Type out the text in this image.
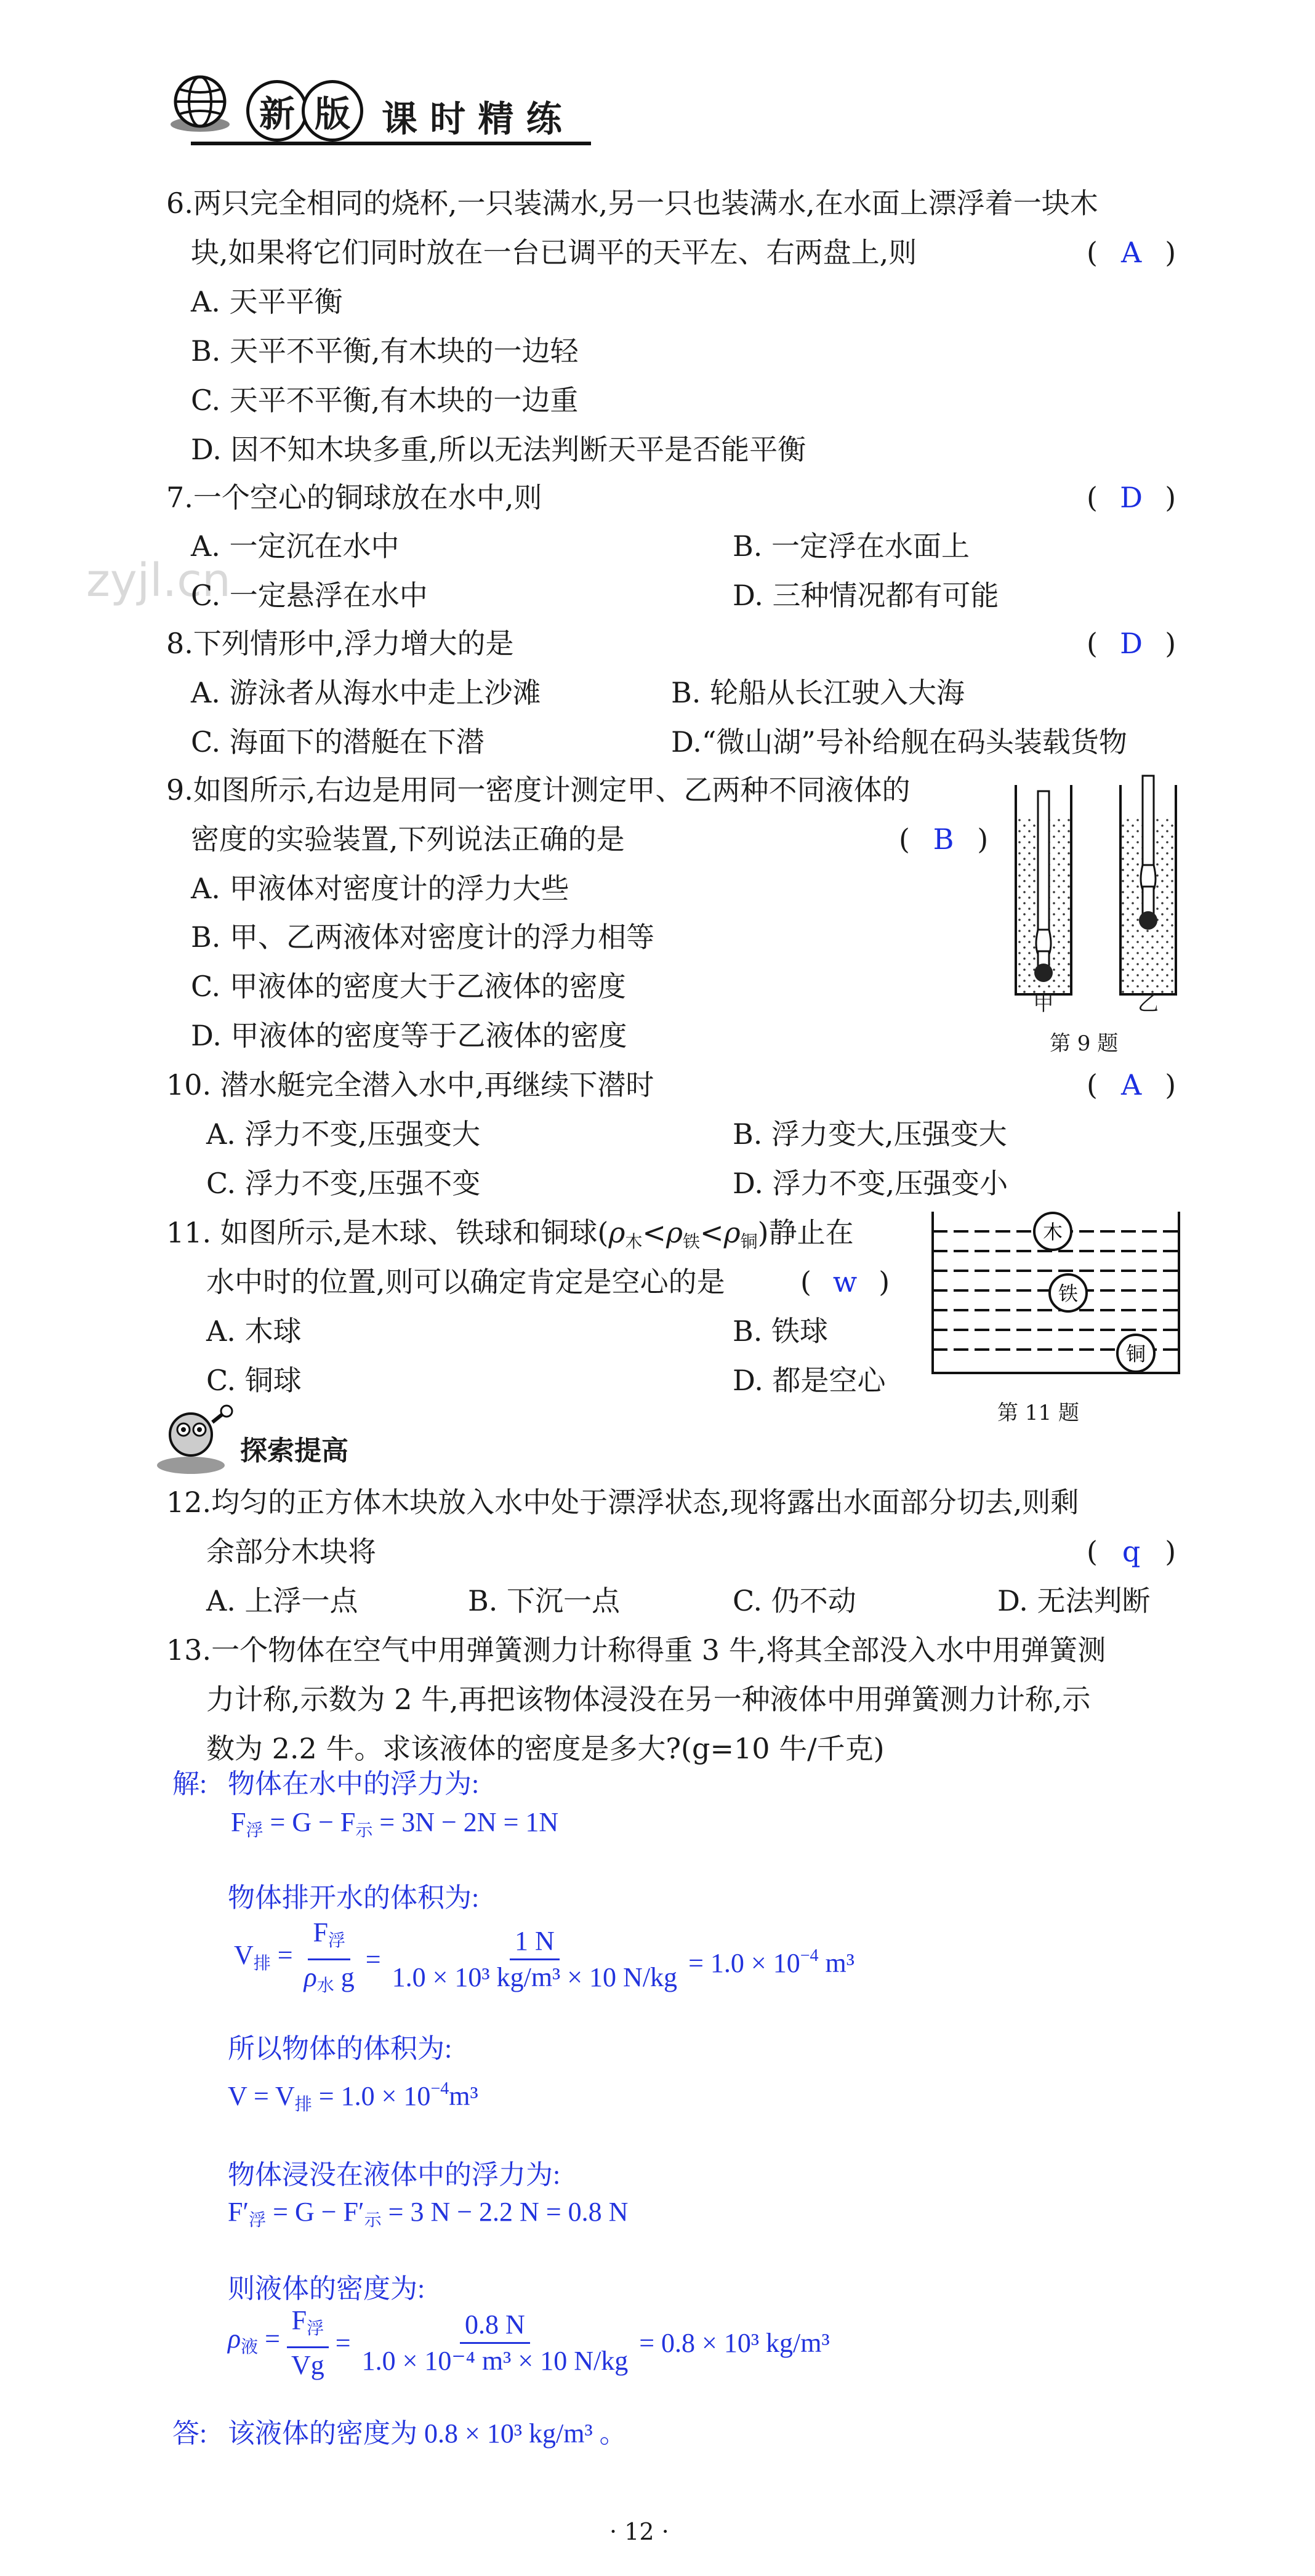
新 版 课 时 精 练
zyjl.cn
6.两只完全相同的烧杯,一只装满水,另一只也装满水,在水面上漂浮着一块木
块,如果将它们同时放在一台已调平的天平左、右两盘上,则	( A )
A. 天平平衡
B. 天平不平衡,有木块的一边轻
C. 天平不平衡,有木块的一边重
D. 因不知木块多重,所以无法判断天平是否能平衡
7.一个空心的铜球放在水中,则	( D )
A. 一定沉在水中	B. 一定浮在水面上
C. 一定悬浮在水中	D. 三种情况都有可能
8.下列情形中,浮力增大的是	( D )
A. 游泳者从海水中走上沙滩	B. 轮船从长江驶入大海
C. 海面下的潜艇在下潜	D.“微山湖”号补给舰在码头装载货物
9.如图所示,右边是用同一密度计测定甲、乙两种不同液体的
密度的实验装置,下列说法正确的是	( B )
A. 甲液体对密度计的浮力大些
B. 甲、乙两液体对密度计的浮力相等
C. 甲液体的密度大于乙液体的密度
D. 甲液体的密度等于乙液体的密度
甲	乙
第 9 题
10. 潜水艇完全潜入水中,再继续下潜时	( A )
A. 浮力不变,压强变大	B. 浮力变大,压强变大
C. 浮力不变,压强不变	D. 浮力不变,压强变小
11. 如图所示,是木球、铁球和铜球$(\rho_木<\rho_铁<\rho_铜)$静止在
水中时的位置,则可以确定肯定是空心的是	( w )
A. 木球	B. 铁球
C. 铜球	D. 都是空心
木
铁
铜
第 11 题
探索提高
12.均匀的正方体木块放入水中处于漂浮状态,现将露出水面部分切去,则剩
余部分木块将	( q )
A. 上浮一点	B. 下沉一点	C. 仍不动	D. 无法判断
13.一个物体在空气中用弹簧测力计称得重 3 牛,将其全部没入水中用弹簧测
力计称,示数为 2 牛,再把该物体浸没在另一种液体中用弹簧测力计称,示
数为 2.2 牛。求该液体的密度是多大?(g=10 牛/千克)
解: 物体在水中的浮力为:
$F_浮 = G - F_示 = 3N - 2N = 1N$
物体排开水的体积为:
$V_排 = \frac{F_浮}{\rho_水 g} = \frac{1 N}{\text{1.0 × 10³ kg/m³ × 10 N/kg}} = 1.0 \times 10^{-4}$ m³
所以物体的体积为:
$V = V_排 = 1.0 \times 10^{-4}m^3$
物体浸没在液体中的浮力为:
$F'_浮 = G - F'_示 = 3$ N − 2.2 N = 0.8 N
则液体的密度为:
$\rho_液 = \frac{F_浮}{Vg} = \frac{0.8 N}{\text{1.0 × 10⁻⁴ m³ × 10 N/kg}} = 0.8 \times 10^3$ kg/m³
答: 该液体的密度为 0.8 × 10³ kg/m³ 。
· 12 ·
